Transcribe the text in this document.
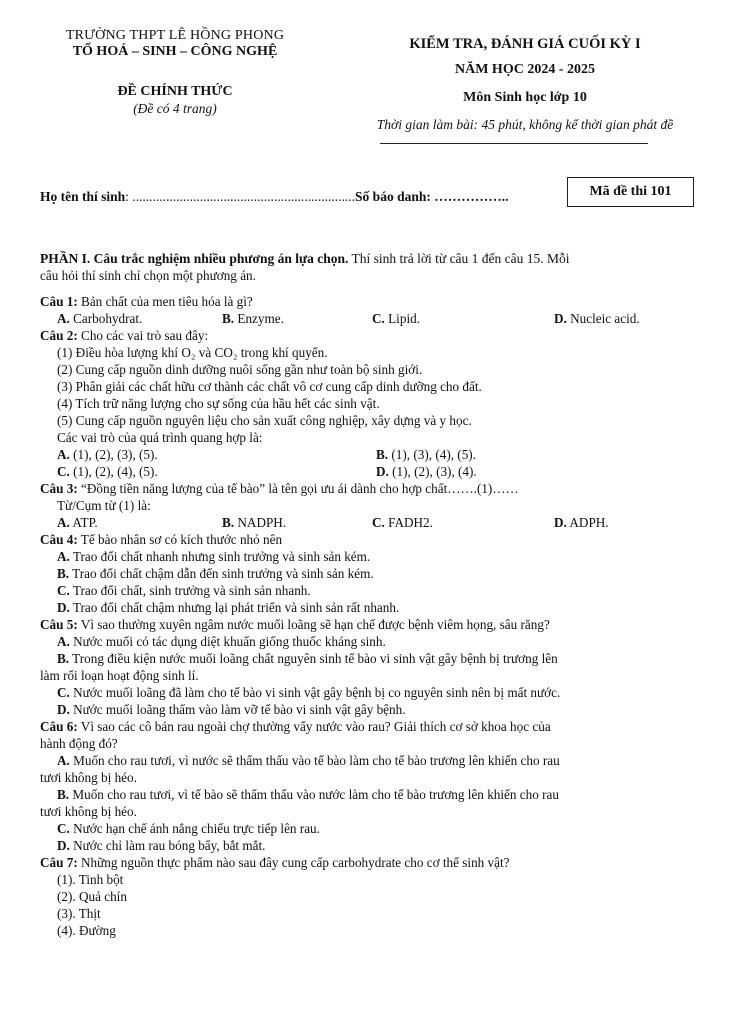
TRƯỜNG THPT LÊ HỒNG PHONG
TỔ HOÁ – SINH – CÔNG NGHỆ
ĐỀ CHÍNH THỨC
(Đề có 4 trang)
KIỂM TRA, ĐÁNH GIÁ CUỐI KỲ I
NĂM HỌC 2024 - 2025
Môn Sinh học lớp 10
Thời gian làm bài: 45 phút, không kể thời gian phát đề
Họ tên thí sinh: ..................................................................Số báo danh: ……………..	Mã đề thi 101
PHẦN I. Câu trắc nghiệm nhiều phương án lựa chọn. Thí sinh trả lời từ câu 1 đến câu 15. Mỗi
câu hỏi thí sinh chỉ chọn một phương án.
Câu 1: Bản chất của men tiêu hóa là gì?
A. Carbohydrat.	B. Enzyme.	C. Lipid.	D. Nucleic acid.
Câu 2: Cho các vai trò sau đây:
(1) Điều hòa lượng khí O₂ và CO₂ trong khí quyển.
(2) Cung cấp nguồn dinh dưỡng nuôi sống gần như toàn bộ sinh giới.
(3) Phân giải các chất hữu cơ thành các chất vô cơ cung cấp dinh dưỡng cho đất.
(4) Tích trữ năng lượng cho sự sống của hầu hết các sinh vật.
(5) Cung cấp nguồn nguyên liệu cho sản xuất công nghiệp, xây dựng và y học.
Các vai trò của quá trình quang hợp là:
A. (1), (2), (3), (5).	B. (1), (3), (4), (5).
C. (1), (2), (4), (5).	D. (1), (2), (3), (4).
Câu 3: “Đồng tiền năng lượng của tế bào” là tên gọi ưu ái dành cho hợp chất…….(1)……
Từ/Cụm từ (1) là:
A. ATP.	B. NADPH.	C. FADH2.	D. ADPH.
Câu 4: Tế bào nhân sơ có kích thước nhỏ nên
A. Trao đổi chất nhanh nhưng sinh trưởng và sinh sản kém.
B. Trao đổi chất chậm dẫn đến sinh trưởng và sinh sản kém.
C. Trao đổi chất, sinh trưởng và sinh sản nhanh.
D. Trao đổi chất chậm nhưng lại phát triển và sinh sản rất nhanh.
Câu 5: Vì sao thường xuyên ngâm nước muối loãng sẽ hạn chế được bệnh viêm họng, sâu răng?
A. Nước muối có tác dụng diệt khuẩn giống thuốc kháng sinh.
B. Trong điều kiện nước muối loãng chất nguyên sinh tế bào vi sinh vật gây bệnh bị trương lên
làm rối loạn hoạt động sinh lí.
C. Nước muối loãng đã làm cho tế bào vi sinh vật gây bệnh bị co nguyên sinh nên bị mất nước.
D. Nước muối loãng thấm vào làm vỡ tế bào vi sinh vật gây bệnh.
Câu 6: Vì sao các cô bán rau ngoài chợ thường vẩy nước vào rau? Giải thích cơ sở khoa học của
hành động đó?
A. Muốn cho rau tươi, vì nước sẽ thẩm thấu vào tế bào làm cho tế bào trương lên khiến cho rau
tươi không bị héo.
B. Muốn cho rau tươi, vì tế bào sẽ thẩm thấu vào nước làm cho tế bào trương lên khiến cho rau
tươi không bị héo.
C. Nước hạn chế ánh nắng chiếu trực tiếp lên rau.
D. Nước chỉ làm rau bóng bẩy, bắt mắt.
Câu 7: Những nguồn thực phẩm nào sau đây cung cấp carbohydrate cho cơ thể sinh vật?
(1). Tinh bột
(2). Quả chín
(3). Thịt
(4). Đường
